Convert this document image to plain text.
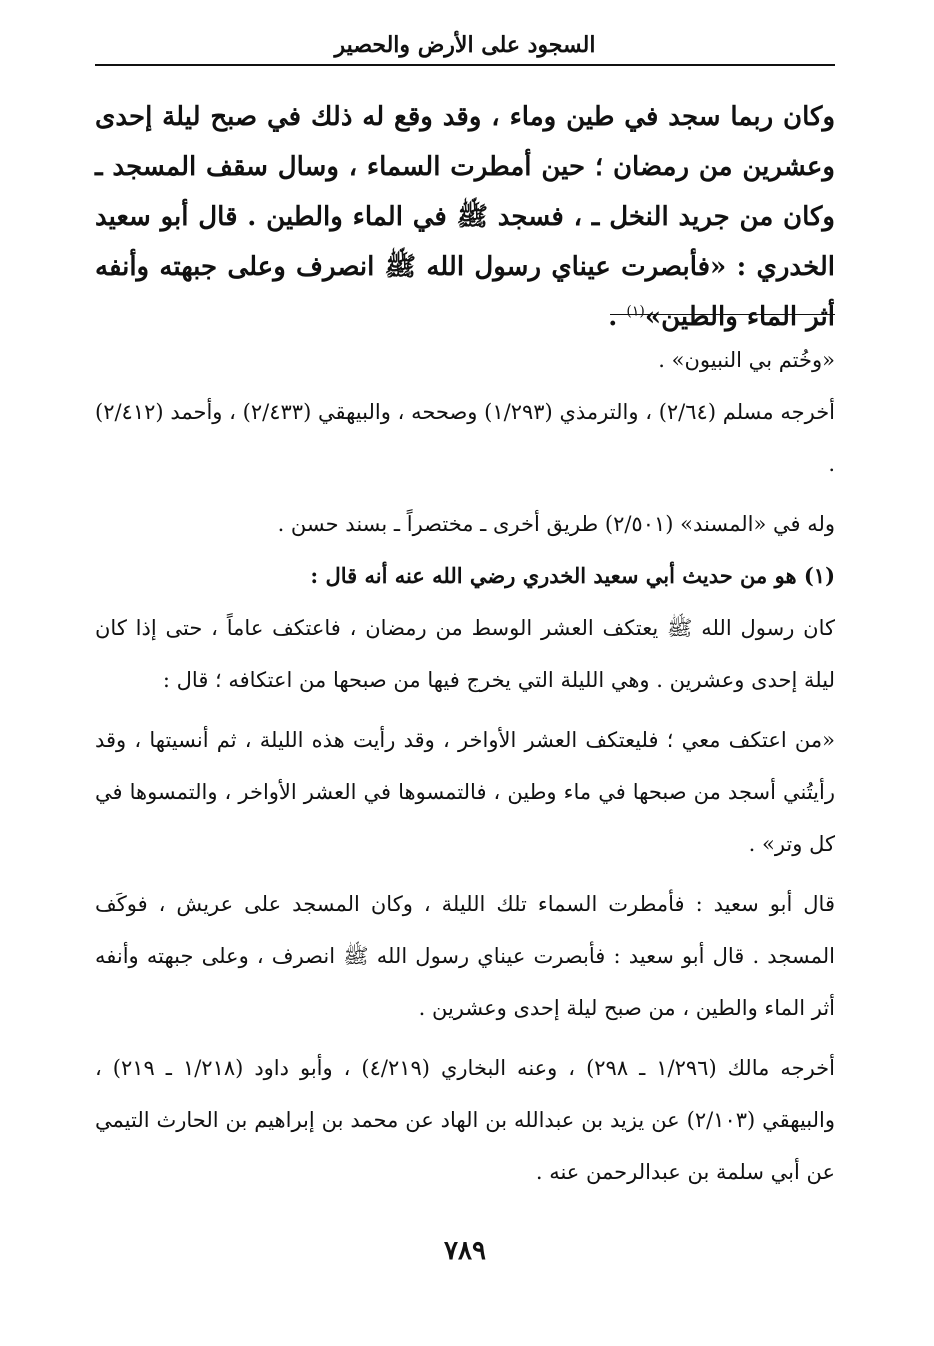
السجود على الأرض والحصير

وكان ربما سجد في طين وماء ، وقد وقع له ذلك في صبح ليلة إحدى وعشرين من رمضان ؛ حين أمطرت السماء ، وسال سقف المسجد ـ وكان من جريد النخل ـ ، فسجد ﷺ في الماء والطين . قال أبو سعيد الخدري : «فأبصرت عيناي رسول الله ﷺ انصرف وعلى جبهته وأنفه أثر الماء والطين»$^{(١)}$ .

«وخُتم بي النبيون» .

أخرجه مسلم (٢/٦٤) ، والترمذي (١/٢٩٣) وصححه ، والبيهقي (٢/٤٣٣) ، وأحمد (٢/٤١٢) .

وله في «المسند» (٢/٥٠١) طريق أخرى ـ مختصراً ـ بسند حسن .

(١) هو من حديث أبي سعيد الخدري رضي الله عنه أنه قال :

كان رسول الله ﷺ يعتكف العشر الوسط من رمضان ، فاعتكف عاماً ، حتى إذا كان ليلة إحدى وعشرين . وهي الليلة التي يخرج فيها من صبحها من اعتكافه ؛ قال :

«من اعتكف معي ؛ فليعتكف العشر الأواخر ، وقد رأيت هذه الليلة ، ثم أنسيتها ، وقد رأيتُني أسجد من صبحها في ماء وطين ، فالتمسوها في العشر الأواخر ، والتمسوها في كل وتر» .

قال أبو سعيد : فأمطرت السماء تلك الليلة ، وكان المسجد على عريش ، فوكَف المسجد . قال أبو سعيد : فأبصرت عيناي رسول الله ﷺ انصرف ، وعلى جبهته وأنفه أثر الماء والطين ، من صبح ليلة إحدى وعشرين .

أخرجه مالك (١/٢٩٦ ـ ٢٩٨) ، وعنه البخاري (٤/٢١٩) ، وأبو داود (١/٢١٨ ـ ٢١٩) ، والبيهقي (٢/١٠٣) عن يزيد بن عبدالله بن الهاد عن محمد بن إبراهيم بن الحارث التيمي عن أبي سلمة بن عبدالرحمن عنه .

٧٨٩
